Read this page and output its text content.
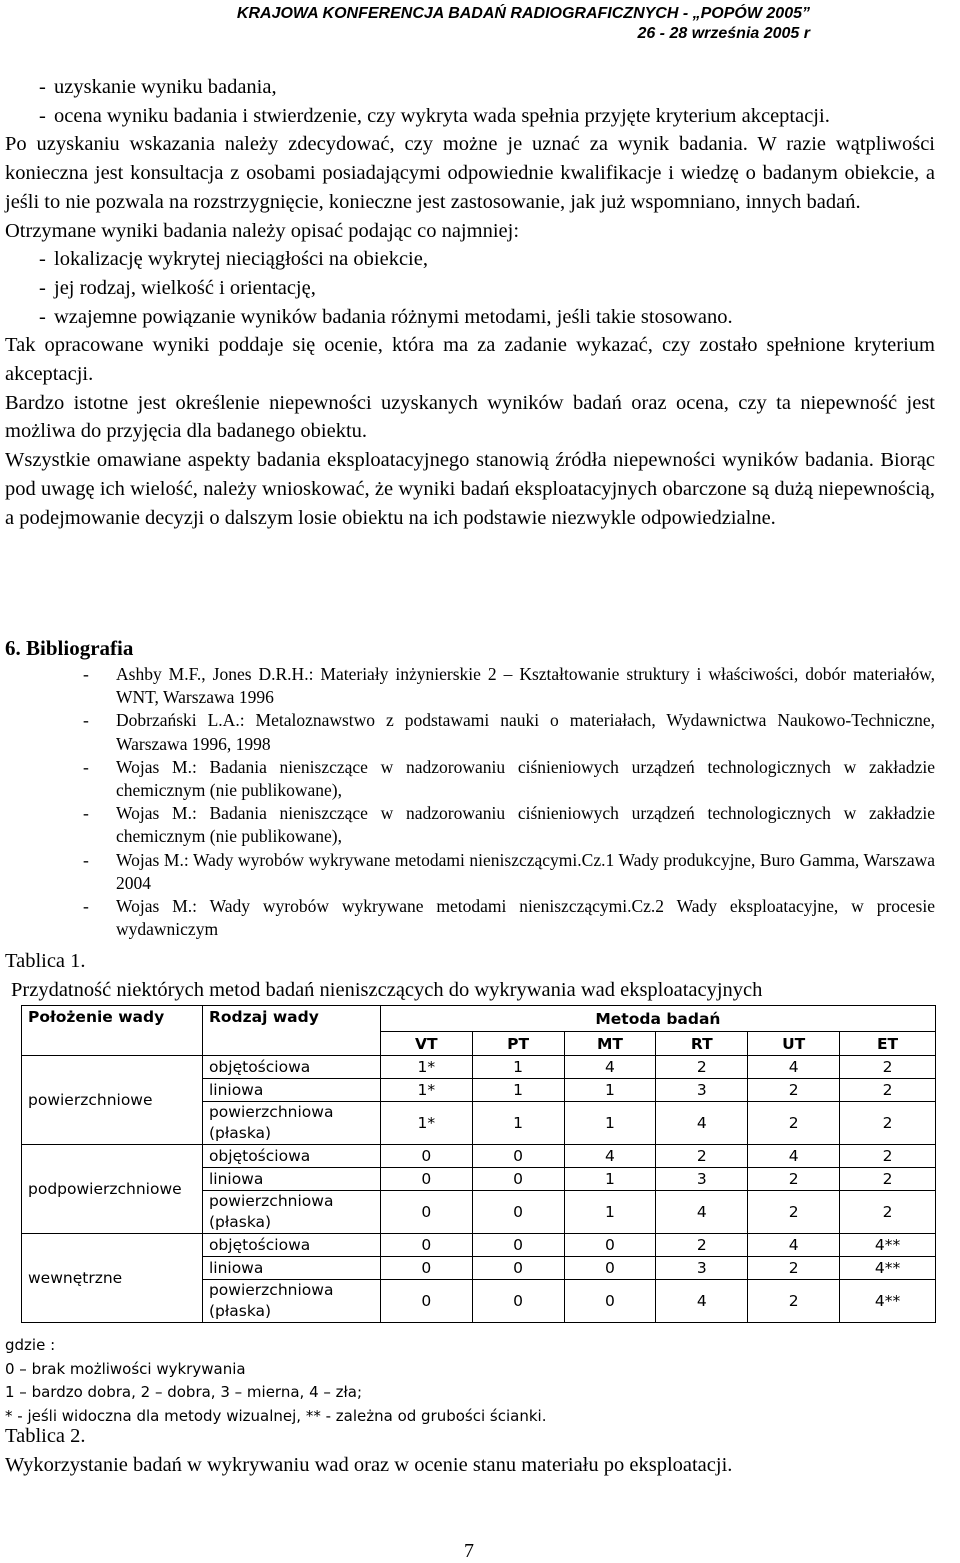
KRAJOWA KONFERENCJA BADAŃ RADIOGRAFICZNYCH - „POPÓW 2005”
26 - 28 września 2005 r

- uzyskanie wyniku badania,

- ocena wyniku badania i stwierdzenie, czy wykryta wada spełnia przyjęte kryterium akceptacji.

Po uzyskaniu wskazania należy zdecydować, czy możne je uznać za wynik badania. W razie wątpliwości konieczna jest konsultacja z osobami posiadającymi odpowiednie kwalifikacje i wiedzę o badanym obiekcie, a jeśli to nie pozwala na rozstrzygnięcie, konieczne jest zastosowanie, jak już wspomniano, innych badań.

Otrzymane wyniki badania należy opisać podając co najmniej:

- lokalizację wykrytej nieciągłości na obiekcie,

- jej rodzaj, wielkość i orientację,

- wzajemne powiązanie wyników badania różnymi metodami, jeśli takie stosowano.

Tak opracowane wyniki poddaje się ocenie, która ma za zadanie wykazać, czy zostało spełnione kryterium akceptacji.

Bardzo istotne jest określenie niepewności uzyskanych wyników badań oraz ocena, czy ta niepewność jest możliwa do przyjęcia dla badanego obiektu.

Wszystkie omawiane aspekty badania eksploatacyjnego stanowią źródła niepewności wyników badania. Biorąc pod uwagę ich wielość, należy wnioskować, że wyniki badań eksploatacyjnych obarczone są dużą niepewnością, a podejmowanie decyzji o dalszym losie obiektu na ich podstawie niezwykle odpowiedzialne.

6. Bibliografia

- Ashby M.F., Jones D.R.H.: Materiały inżynierskie 2 – Kształtowanie struktury i właściwości, dobór materiałów, WNT, Warszawa 1996

- Dobrzański L.A.: Metaloznawstwo z podstawami nauki o materiałach, Wydawnictwa Naukowo-Techniczne, Warszawa 1996, 1998

- Wojas M.: Badania nieniszczące w nadzorowaniu ciśnieniowych urządzeń technologicznych w zakładzie chemicznym (nie publikowane),

- Wojas M.: Badania nieniszczące w nadzorowaniu ciśnieniowych urządzeń technologicznych w zakładzie chemicznym (nie publikowane),

- Wojas M.: Wady wyrobów wykrywane metodami nieniszczącymi.Cz.1 Wady produkcyjne, Buro Gamma, Warszawa 2004

- Wojas M.: Wady wyrobów wykrywane metodami nieniszczącymi.Cz.2 Wady eksploatacyjne, w procesie wydawniczym

Tablica 1.
Przydatność niektórych metod badań nieniszczących do wykrywania wad eksploatacyjnych
Położenie wady	Rodzaj wady	Metoda badań					
		VT	PT	MT	RT	UT	ET
powierzchniowe	objętościowa	1*	1	4	2	4	2
	liniowa	1*	1	1	3	2	2
	powierzchniowa (płaska)	1*	1	1	4	2	2
podpowierzchniowe	objętościowa	0	0	4	2	4	2
	liniowa	0	0	1	3	2	2
	powierzchniowa (płaska)	0	0	1	4	2	2
wewnętrzne	objętościowa	0	0	0	2	4	4**
	liniowa	0	0	0	3	2	4**
	powierzchniowa (płaska)	0	0	0	4	2	4**
gdzie :
0 – brak możliwości wykrywania
1 – bardzo dobra, 2 – dobra, 3 – mierna, 4 – zła;
* - jeśli widoczna dla metody wizualnej, ** - zależna od grubości ścianki.
Tablica 2.
Wykorzystanie badań w wykrywaniu wad oraz w ocenie stanu materiału po eksploatacji.
7
